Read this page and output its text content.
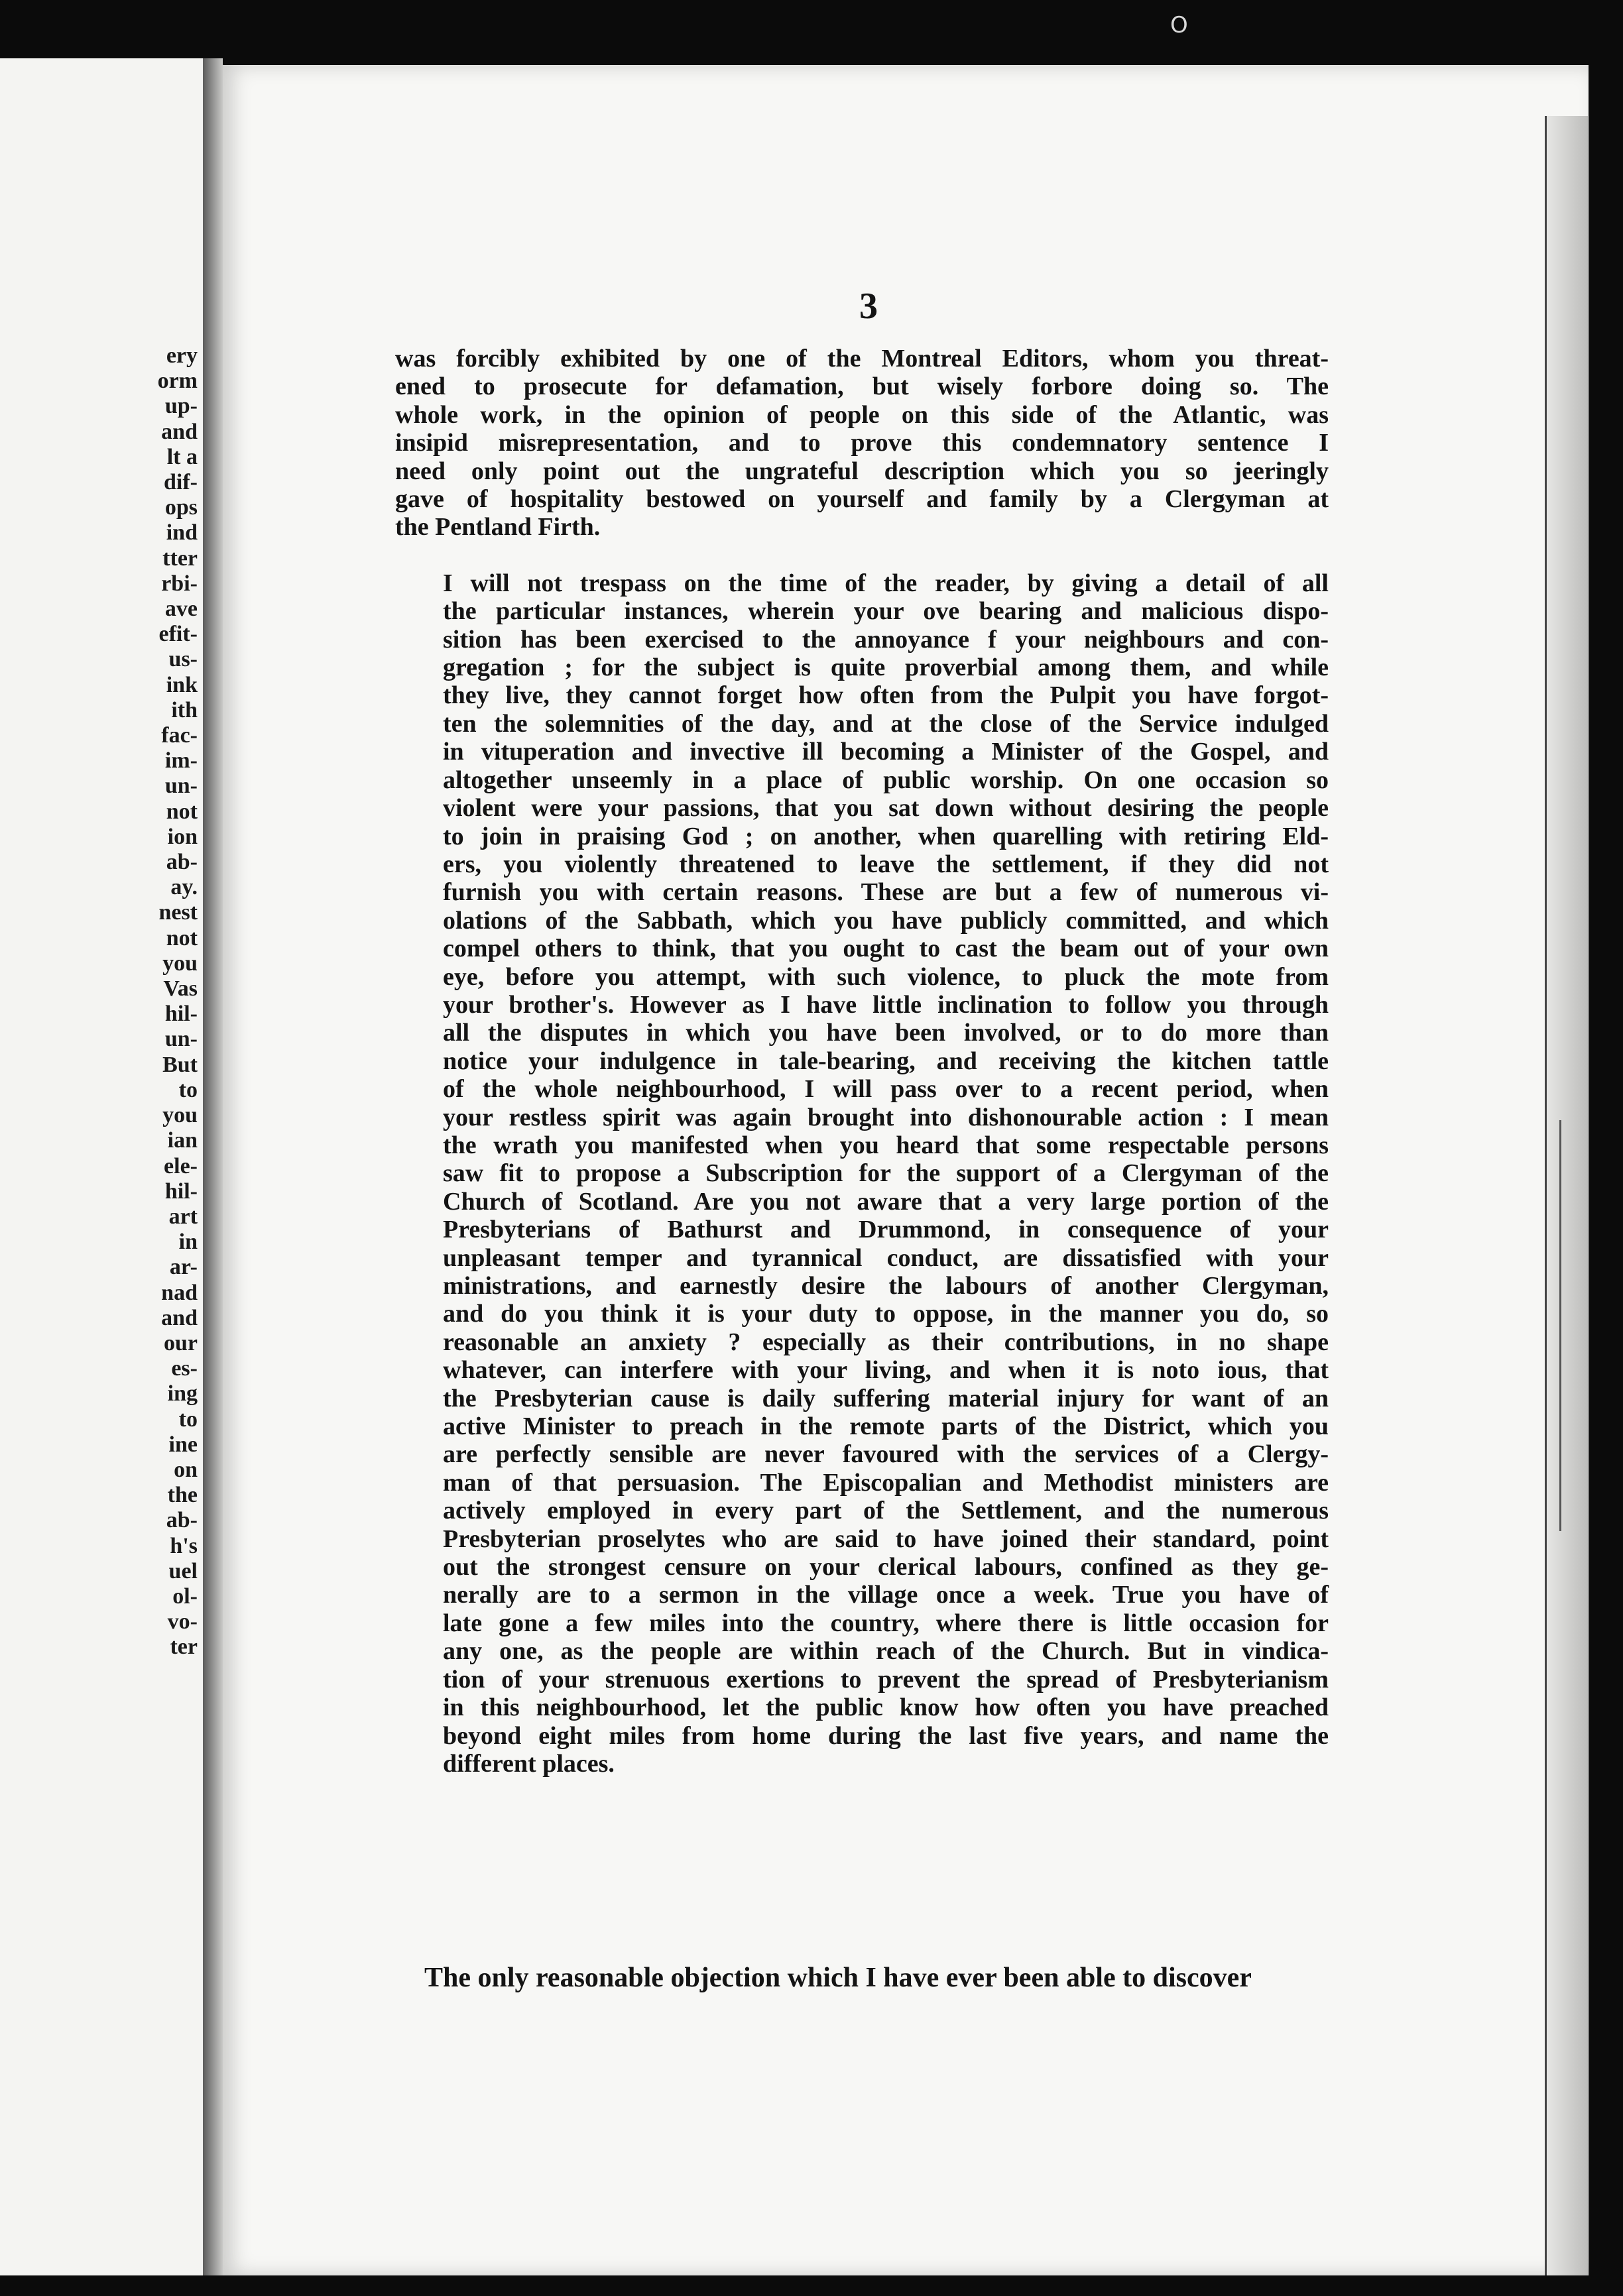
O
ery
orm
up-
and
lt a
dif-
ops
ind
tter
rbi-
ave
efit-
us-
ink
ith
fac-
im-
un-
not
ion
ab-
ay.
nest
not
you
Vas
hil-
un-
But
to
you
ian
ele-
hil-
art
in
ar-
nad
and
our
es-
ing
to
ine
on
the
ab-
h's
uel
ol-
vo-
ter
3
was forcibly exhibited by one of the Montreal Editors, whom you threat-
ened to prosecute for defamation, but wisely forbore doing so. The
whole work, in the opinion of people on this side of the Atlantic, was
insipid misrepresentation, and to prove this condemnatory sentence I
need only point out the ungrateful description which you so jeeringly
gave of hospitality bestowed on yourself and family by a Clergyman at
the Pentland Firth.
I will not trespass on the time of the reader, by giving a detail of all
the particular instances, wherein your ove bearing and malicious dispo-
sition has been exercised to the annoyance f your neighbours and con-
gregation ; for the subject is quite proverbial among them, and while
they live, they cannot forget how often from the Pulpit you have forgot-
ten the solemnities of the day, and at the close of the Service indulged
in vituperation and invective ill becoming a Minister of the Gospel, and
altogether unseemly in a place of public worship. On one occasion so
violent were your passions, that you sat down without desiring the people
to join in praising God ; on another, when quarelling with retiring Eld-
ers, you violently threatened to leave the settlement, if they did not
furnish you with certain reasons. These are but a few of numerous vi-
olations of the Sabbath, which you have publicly committed, and which
compel others to think, that you ought to cast the beam out of your own
eye, before you attempt, with such violence, to pluck the mote from
your brother's. However as I have little inclination to follow you through
all the disputes in which you have been involved, or to do more than
notice your indulgence in tale-bearing, and receiving the kitchen tattle
of the whole neighbourhood, I will pass over to a recent period, when
your restless spirit was again brought into dishonourable action : I mean
the wrath you manifested when you heard that some respectable persons
saw fit to propose a Subscription for the support of a Clergyman of the
Church of Scotland. Are you not aware that a very large portion of the
Presbyterians of Bathurst and Drummond, in consequence of your
unpleasant temper and tyrannical conduct, are dissatisfied with your
ministrations, and earnestly desire the labours of another Clergyman,
and do you think it is your duty to oppose, in the manner you do, so
reasonable an anxiety ? especially as their contributions, in no shape
whatever, can interfere with your living, and when it is noto ious, that
the Presbyterian cause is daily suffering material injury for want of an
active Minister to preach in the remote parts of the District, which you
are perfectly sensible are never favoured with the services of a Clergy-
man of that persuasion. The Episcopalian and Methodist ministers are
actively employed in every part of the Settlement, and the numerous
Presbyterian proselytes who are said to have joined their standard, point
out the strongest censure on your clerical labours, confined as they ge-
nerally are to a sermon in the village once a week. True you have of
late gone a few miles into the country, where there is little occasion for
any one, as the people are within reach of the Church. But in vindica-
tion of your strenuous exertions to prevent the spread of Presbyterianism
in this neighbourhood, let the public know how often you have preached
beyond eight miles from home during the last five years, and name the
different places.
The only reasonable objection which I have ever been able to discover
